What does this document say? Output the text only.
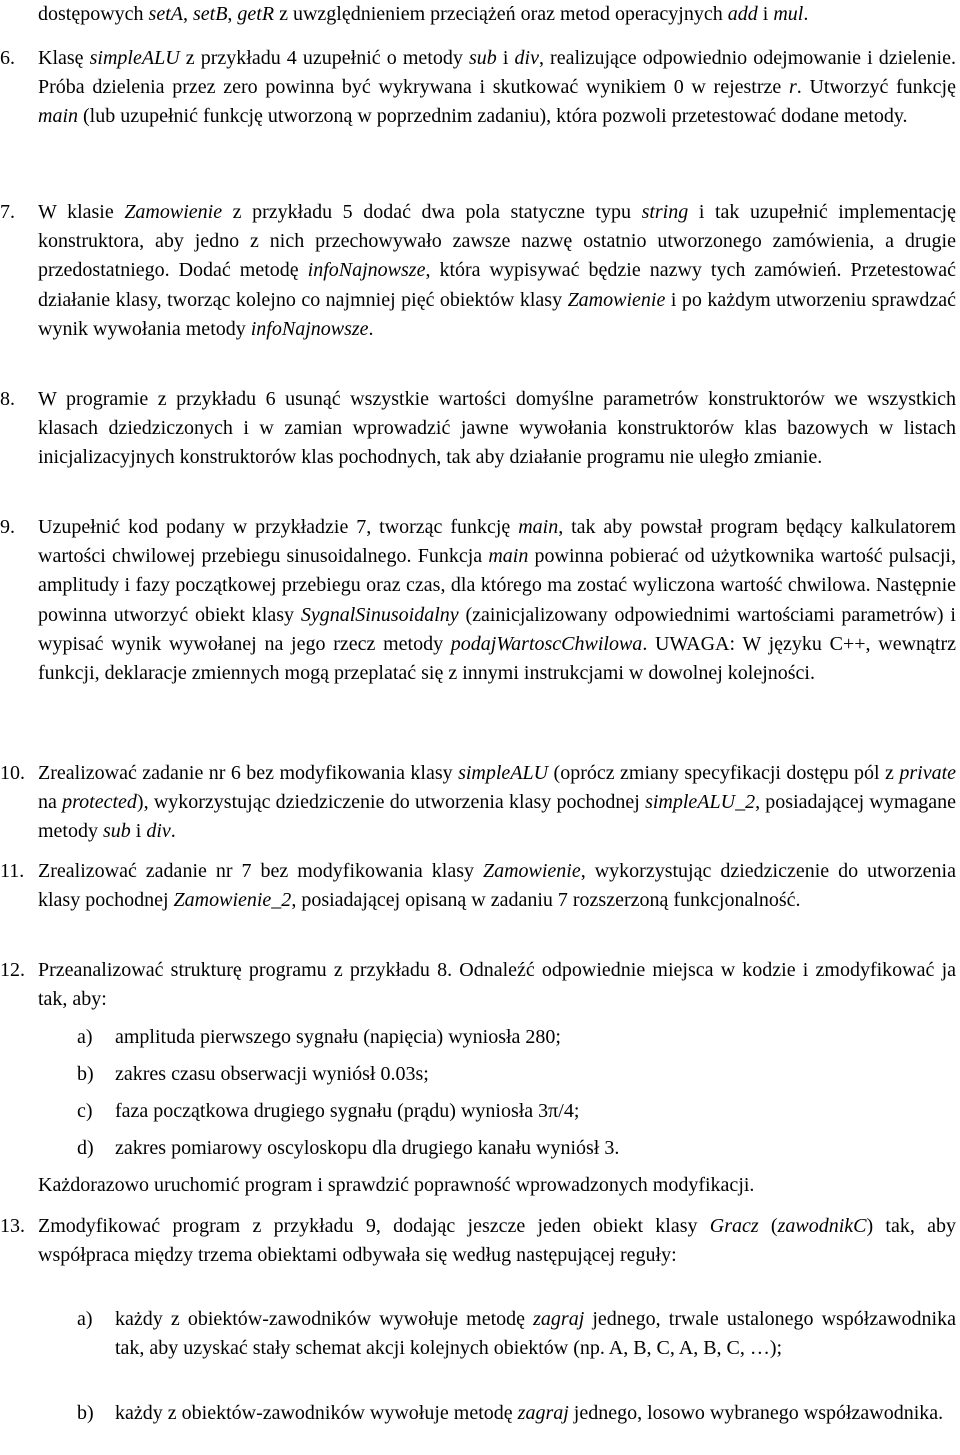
dostępowych setA, setB, getR z uwzględnieniem przeciążeń oraz metod operacyjnych add i mul.

6.	Klasę simpleALU z przykładu 4 uzupełnić o metody sub i div, realizujące odpowiednio odejmowanie i dzielenie. Próba dzielenia przez zero powinna być wykrywana i skutkować wynikiem 0 w rejestrze r. Utworzyć funkcję main (lub uzupełnić funkcję utworzoną w poprzednim zadaniu), która pozwoli przetestować dodane metody.

7.	W klasie Zamowienie z przykładu 5 dodać dwa pola statyczne typu string i tak uzupełnić implementację konstruktora, aby jedno z nich przechowywało zawsze nazwę ostatnio utworzonego zamówienia, a drugie przedostatniego. Dodać metodę infoNajnowsze, która wypisywać będzie nazwy tych zamówień. Przetestować działanie klasy, tworząc kolejno co najmniej pięć obiektów klasy Zamowienie i po każdym utworzeniu sprawdzać wynik wywołania metody infoNajnowsze.

8.	W programie z przykładu 6 usunąć wszystkie wartości domyślne parametrów konstruktorów we wszystkich klasach dziedziczonych i w zamian wprowadzić jawne wywołania konstruktorów klas bazowych w listach inicjalizacyjnych konstruktorów klas pochodnych, tak aby działanie programu nie uległo zmianie.

9.	Uzupełnić kod podany w przykładzie 7, tworząc funkcję main, tak aby powstał program będący kalkulatorem wartości chwilowej przebiegu sinusoidalnego. Funkcja main powinna pobierać od użytkownika wartość pulsacji, amplitudy i fazy początkowej przebiegu oraz czas, dla którego ma zostać wyliczona wartość chwilowa. Następnie powinna utworzyć obiekt klasy SygnalSinusoidalny (zainicjalizowany odpowiednimi wartościami parametrów) i wypisać wynik wywołanej na jego rzecz metody podajWartoscChwilowa. UWAGA: W języku C++, wewnątrz funkcji, deklaracje zmiennych mogą przeplatać się z innymi instrukcjami w dowolnej kolejności.

10. Zrealizować zadanie nr 6 bez modyfikowania klasy simpleALU (oprócz zmiany specyfikacji dostępu pól z private na protected), wykorzystując dziedziczenie do utworzenia klasy pochodnej simpleALU_2, posiadającej wymagane metody sub i div.

11. Zrealizować zadanie nr 7 bez modyfikowania klasy Zamowienie, wykorzystując dziedziczenie do utworzenia klasy pochodnej Zamowienie_2, posiadającej opisaną w zadaniu 7 rozszerzoną funkcjonalność.

12. Przeanalizować strukturę programu z przykładu 8. Odnaleźć odpowiednie miejsca w kodzie i zmodyfikować ja tak, aby:

a) amplituda pierwszego sygnału (napięcia) wyniosła 280;

b) zakres czasu obserwacji wyniósł 0.03s;

c) faza początkowa drugiego sygnału (prądu) wyniosła 3π/4;

d) zakres pomiarowy oscyloskopu dla drugiego kanału wyniósł 3.

Każdorazowo uruchomić program i sprawdzić poprawność wprowadzonych modyfikacji.

13. Zmodyfikować program z przykładu 9, dodając jeszcze jeden obiekt klasy Gracz (zawodnikC) tak, aby współpraca między trzema obiektami odbywała się według następującej reguły:

a) każdy z obiektów-zawodników wywołuje metodę zagraj jednego, trwale ustalonego współzawodnika tak, aby uzyskać stały schemat akcji kolejnych obiektów (np. A, B, C, A, B, C, …);

b) każdy z obiektów-zawodników wywołuje metodę zagraj jednego, losowo wybranego współzawodnika.
